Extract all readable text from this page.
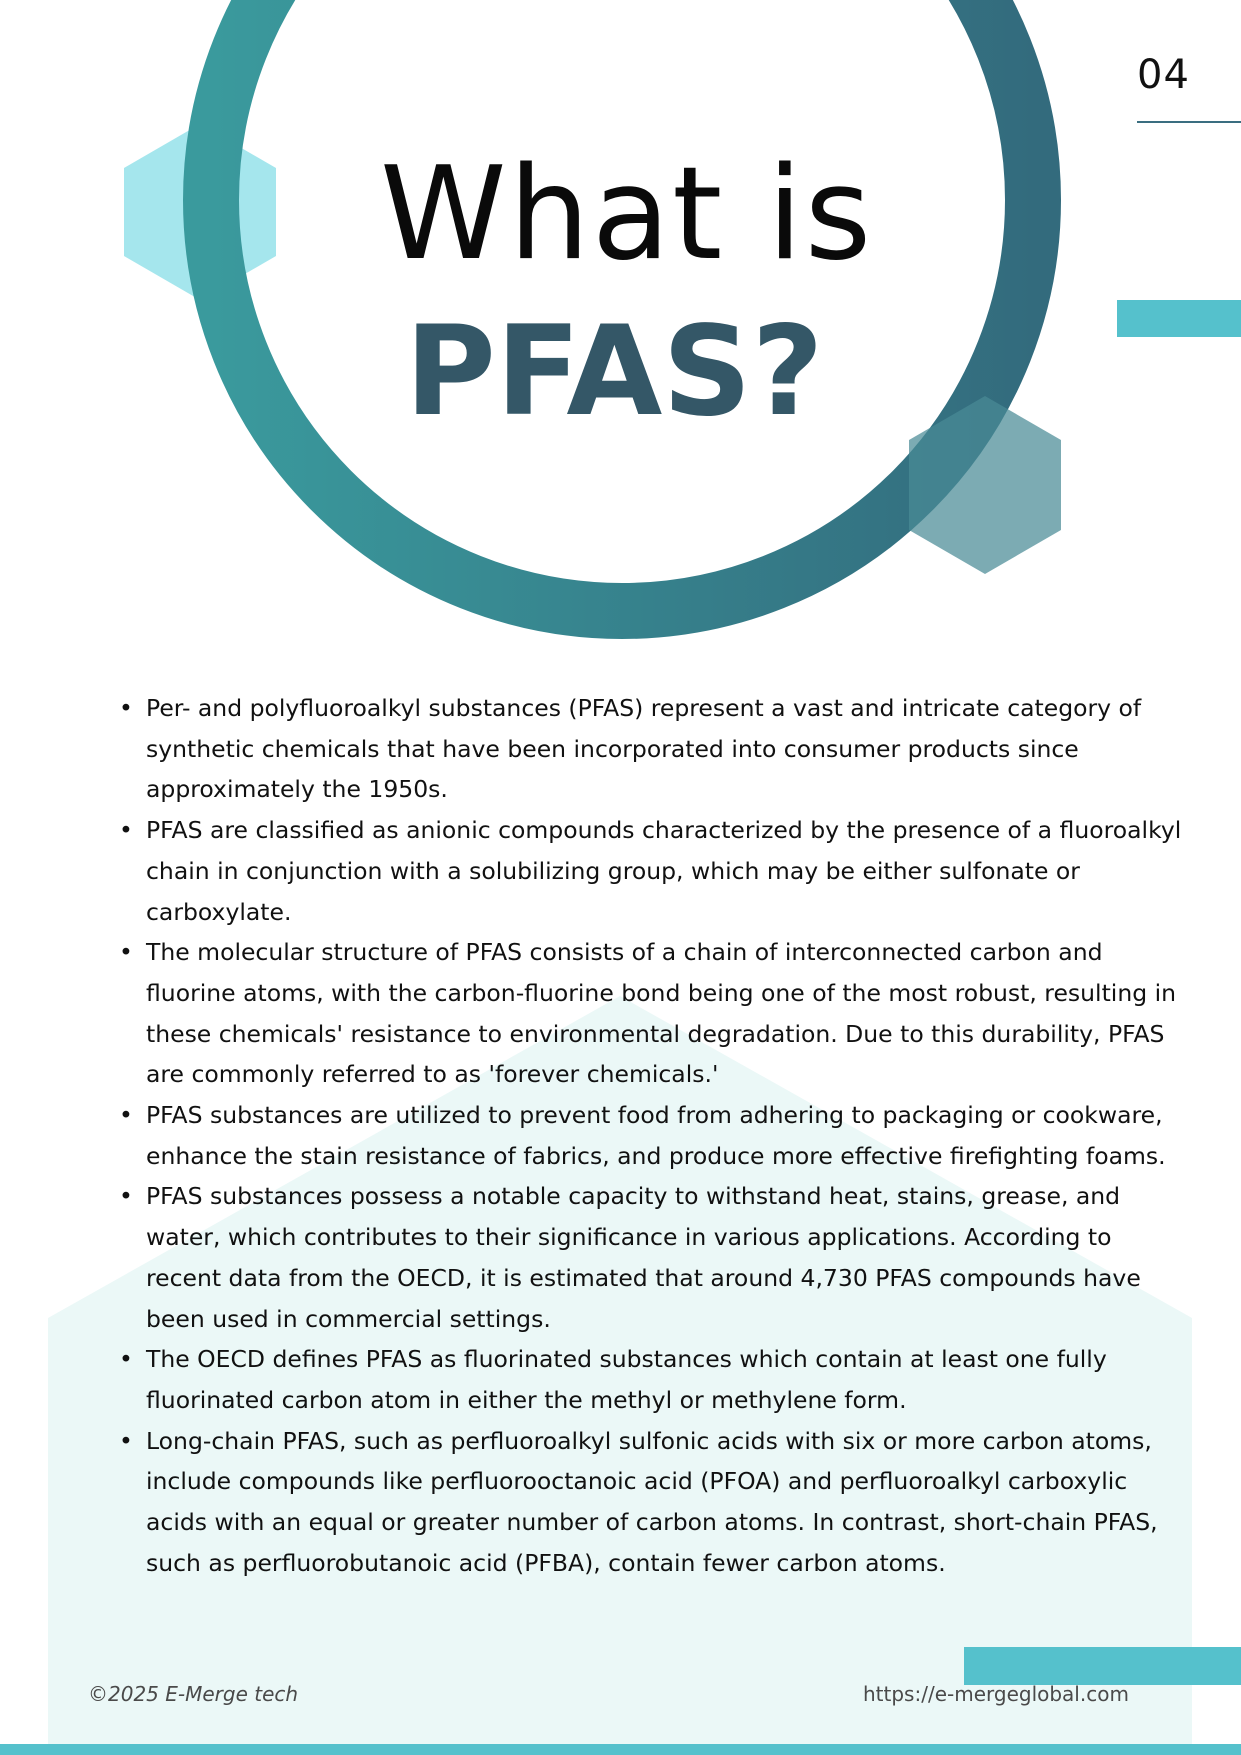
04
What is
PFAS?
• Per- and polyfluoroalkyl substances (PFAS) represent a vast and intricate category of synthetic chemicals that have been incorporated into consumer products since approximately the 1950s.
• PFAS are classified as anionic compounds characterized by the presence of a fluoroalkyl chain in conjunction with a solubilizing group, which may be either sulfonate or carboxylate.
• The molecular structure of PFAS consists of a chain of interconnected carbon and fluorine atoms, with the carbon-fluorine bond being one of the most robust, resulting in these chemicals' resistance to environmental degradation. Due to this durability, PFAS are commonly referred to as 'forever chemicals.'
• PFAS substances are utilized to prevent food from adhering to packaging or cookware, enhance the stain resistance of fabrics, and produce more effective firefighting foams.
• PFAS substances possess a notable capacity to withstand heat, stains, grease, and water, which contributes to their significance in various applications. According to recent data from the OECD, it is estimated that around 4,730 PFAS compounds have been used in commercial settings.
• The OECD defines PFAS as fluorinated substances which contain at least one fully fluorinated carbon atom in either the methyl or methylene form.
• Long-chain PFAS, such as perfluoroalkyl sulfonic acids with six or more carbon atoms, include compounds like perfluorooctanoic acid (PFOA) and perfluoroalkyl carboxylic acids with an equal or greater number of carbon atoms. In contrast, short-chain PFAS, such as perfluorobutanoic acid (PFBA), contain fewer carbon atoms.
©2025 E-Merge tech	https://e-mergeglobal.com
